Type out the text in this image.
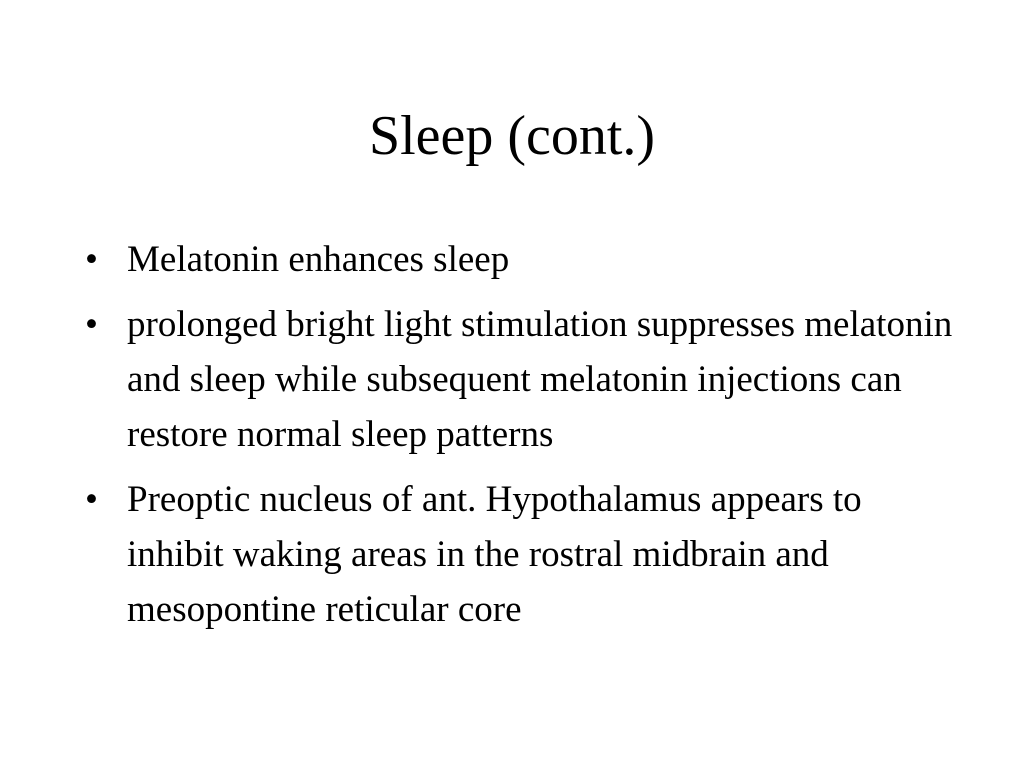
Sleep (cont.)
• Melatonin enhances sleep
• prolonged bright light stimulation suppresses melatonin and sleep while subsequent melatonin injections can restore normal sleep patterns
• Preoptic nucleus of ant. Hypothalamus appears to inhibit waking areas in the rostral midbrain and mesopontine reticular core
